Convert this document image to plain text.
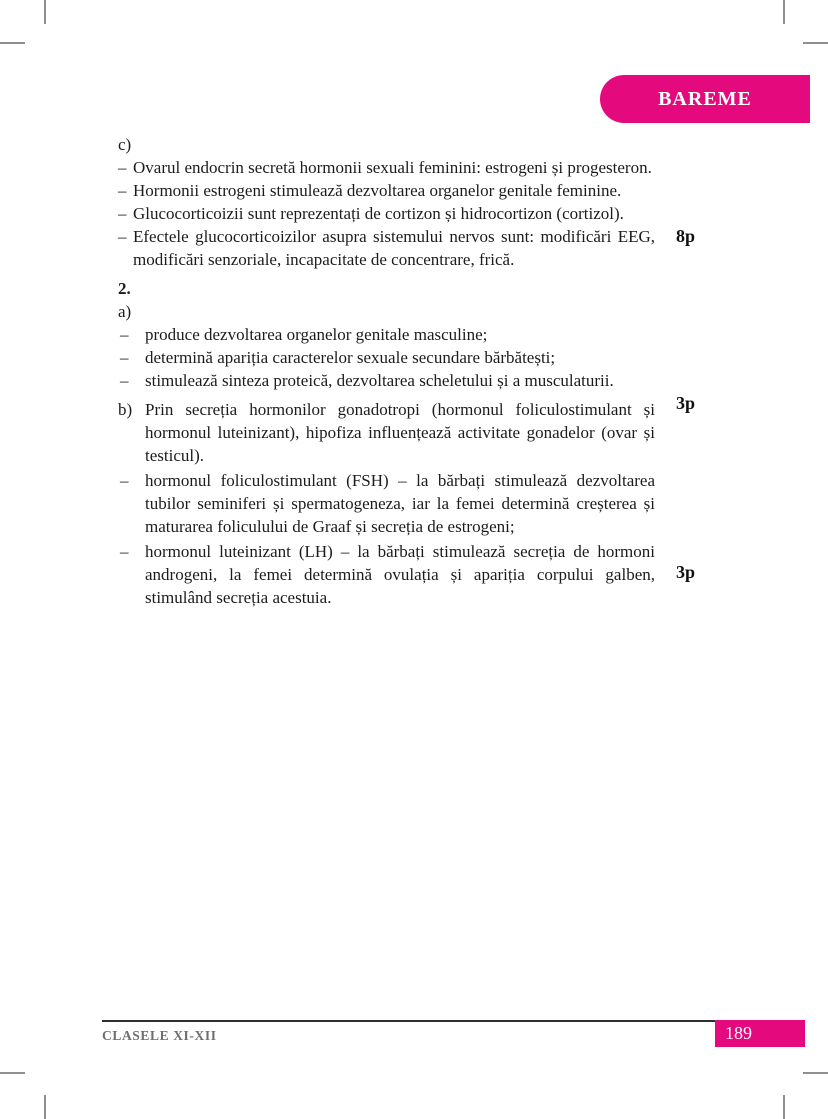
BAREME
c)
– Ovarul endocrin secretă hormonii sexuali feminini: estrogeni și progesteron.
– Hormonii estrogeni stimulează dezvoltarea organelor genitale feminine.
– Glucocorticoizii sunt reprezentați de cortizon și hidrocortizon (cortizol).
– Efectele glucocorticoizilor asupra sistemului nervos sunt: modificări EEG, modificări senzoriale, incapacitate de concentrare, frică.
2.
a)
– produce dezvoltarea organelor genitale masculine;
– determină apariția caracterelor sexuale secundare bărbătești;
– stimulează sinteza proteică, dezvoltarea scheletului și a musculaturii.
b) Prin secreția hormonilor gonadotropi (hormonul foliculostimulant și hormonul luteinizant), hipofiza influențează activitate gonadelor (ovar și testicul).
– hormonul foliculostimulant (FSH) – la bărbați stimulează dezvoltarea tubilor seminiferi și spermatogeneza, iar la femei determină creșterea și maturarea foliculului de Graaf și secreția de estrogeni;
– hormonul luteinizant (LH) – la bărbați stimulează secreția de hormoni androgeni, la femei determină ovulația și apariția corpului galben, stimulând secreția acestuia.
8p
3p
3p
CLASELE XI-XII	189
